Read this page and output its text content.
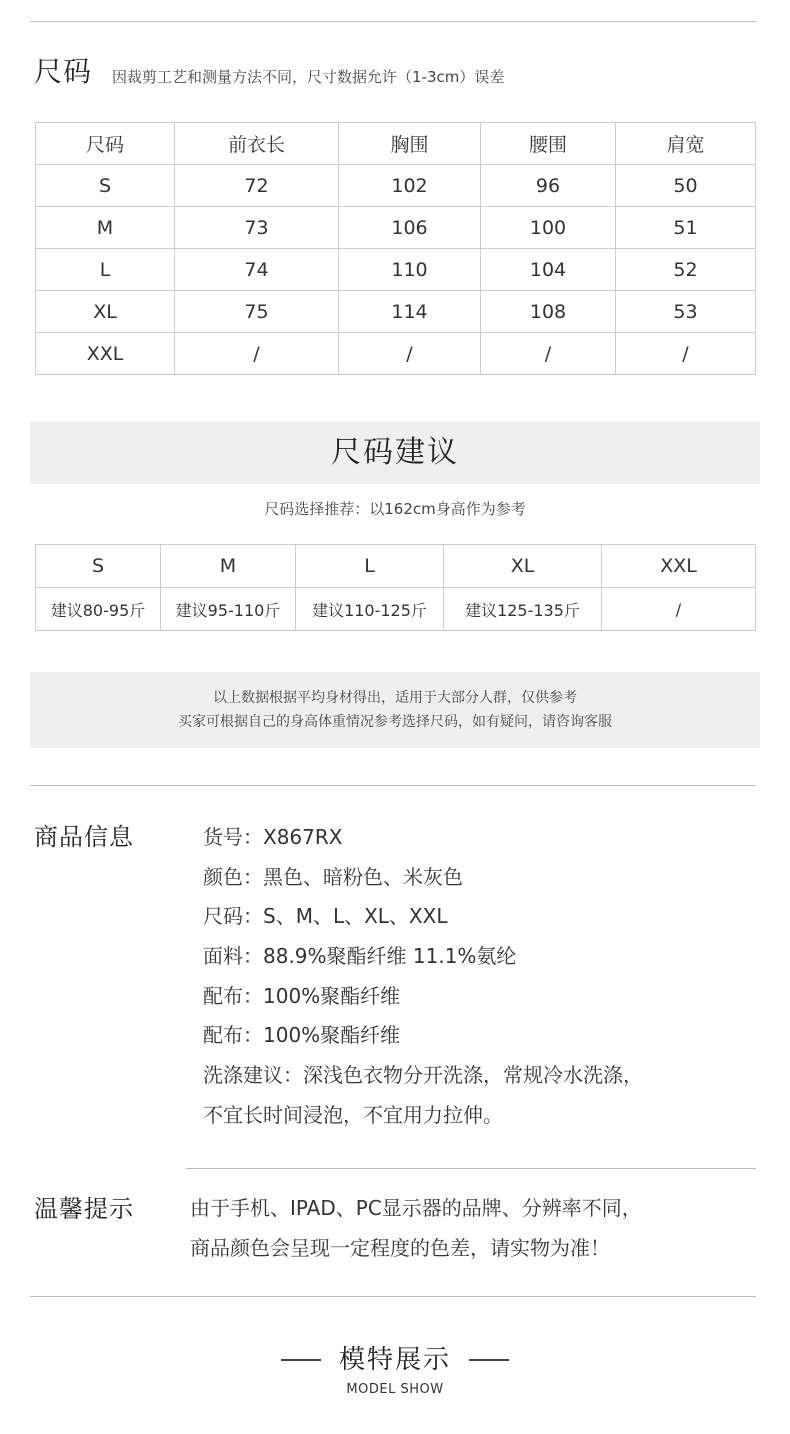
尺码 因裁剪工艺和测量方法不同，尺寸数据允许（1-3cm）误差
尺码	前衣长	胸围	腰围	肩宽
S	72	102	96	50
M	73	106	100	51
L	74	110	104	52
XL	75	114	108	53
XXL	/	/	/	/
尺码建议
尺码选择推荐：以162cm身高作为参考
S	M	L	XL	XXL
建议80-95斤	建议95-110斤	建议110-125斤	建议125-135斤	/
以上数据根据平均身材得出，适用于大部分人群，仅供参考
买家可根据自己的身高体重情况参考选择尺码，如有疑问，请咨询客服
商品信息	货号：X867RX
颜色：黑色、暗粉色、米灰色
尺码：S、M、L、XL、XXL
面料：88.9%聚酯纤维 11.1%氨纶
配布：100%聚酯纤维
配布：100%聚酯纤维
洗涤建议：深浅色衣物分开洗涤，常规冷水洗涤，
不宜长时间浸泡，不宜用力拉伸。
温馨提示	由于手机、IPAD、PC显示器的品牌、分辨率不同，
商品颜色会呈现一定程度的色差，请实物为准！
模特展示
MODEL SHOW
